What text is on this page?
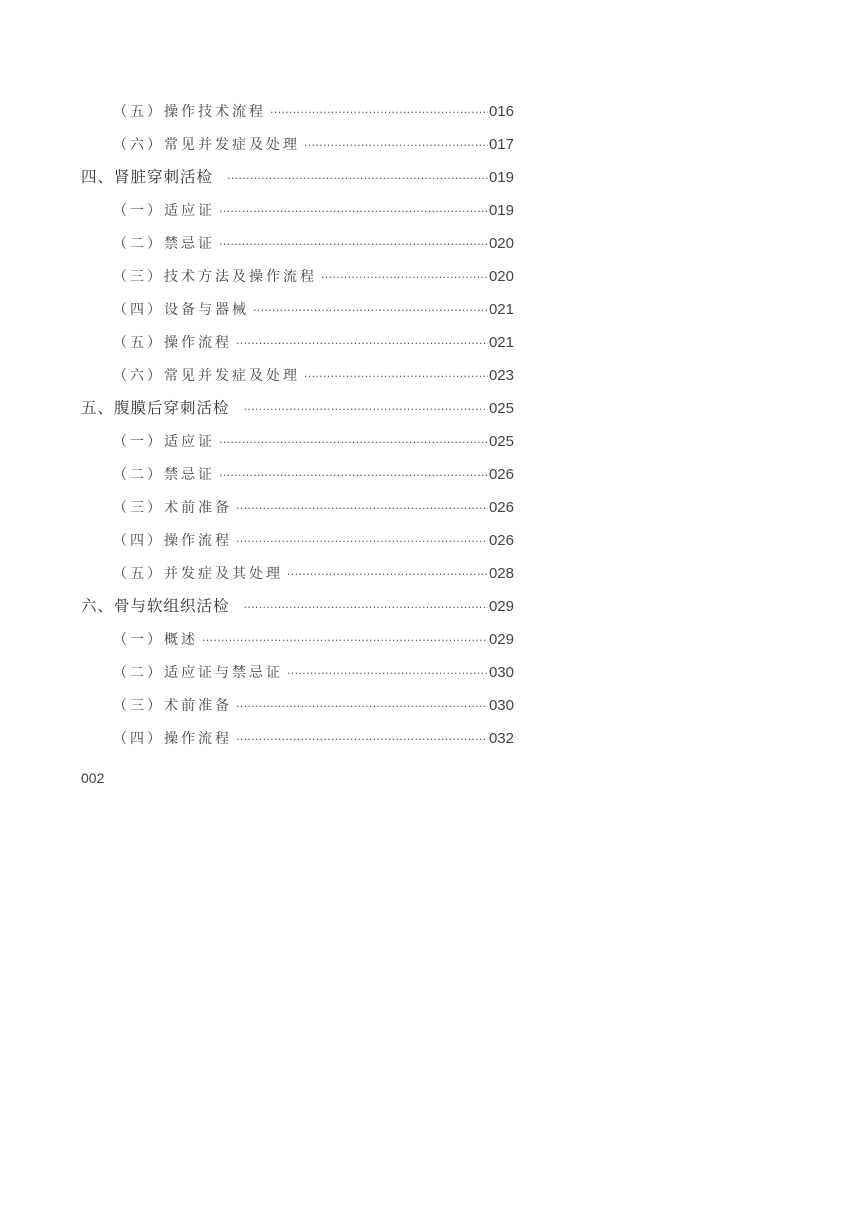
（五）操作技术流程 ·····	016
（六）常见并发症及处理 ·····	017
四、肾脏穿刺活检 ·····	019
（一）适应证 ·····	019
（二）禁忌证 ·····	020
（三）技术方法及操作流程 ·····	020
（四）设备与器械 ·····	021
（五）操作流程 ·····	021
（六）常见并发症及处理 ·····	023
五、腹膜后穿刺活检 ·····	025
（一）适应证 ·····	025
（二）禁忌证 ·····	026
（三）术前准备 ·····	026
（四）操作流程 ·····	026
（五）并发症及其处理 ·····	028
六、骨与软组织活检 ·····	029
（一）概述 ·····	029
（二）适应证与禁忌证 ·····	030
（三）术前准备 ·····	030
（四）操作流程 ·····	032
002
